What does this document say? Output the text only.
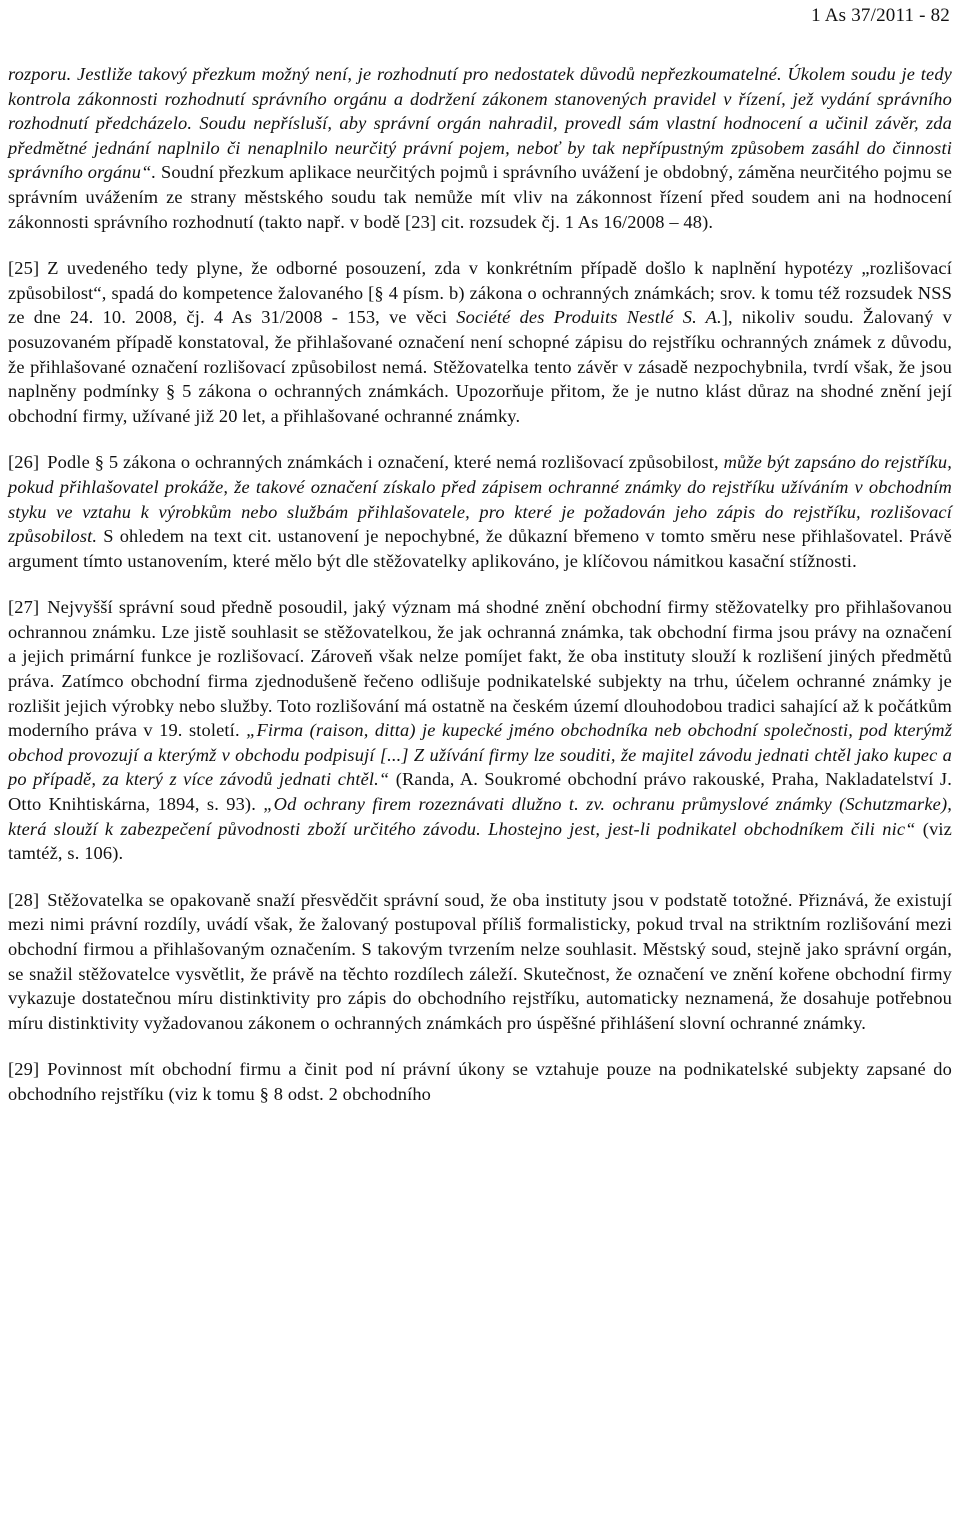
1 As 37/2011 - 82

rozporu. Jestliže takový přezkum možný není, je rozhodnutí pro nedostatek důvodů nepřezkoumatelné. Úkolem soudu je tedy kontrola zákonnosti rozhodnutí správního orgánu a dodržení zákonem stanovených pravidel v řízení, jež vydání správního rozhodnutí předcházelo. Soudu nepřísluší, aby správní orgán nahradil, provedl sám vlastní hodnocení a učinil závěr, zda předmětné jednání naplnilo či nenaplnilo neurčitý právní pojem, neboť by tak nepřípustným způsobem zasáhl do činnosti správního orgánu“. Soudní přezkum aplikace neurčitých pojmů i správního uvážení je obdobný, záměna neurčitého pojmu se správním uvážením ze strany městského soudu tak nemůže mít vliv na zákonnost řízení před soudem ani na hodnocení zákonnosti správního rozhodnutí (takto např. v bodě [23] cit. rozsudek čj. 1 As 16/2008 – 48).

[25] Z uvedeného tedy plyne, že odborné posouzení, zda v konkrétním případě došlo k naplnění hypotézy „rozlišovací způsobilost“, spadá do kompetence žalovaného [§ 4 písm. b) zákona o ochranných známkách; srov. k tomu též rozsudek NSS ze dne 24. 10. 2008, čj. 4 As 31/2008 - 153, ve věci Société des Produits Nestlé S. A.], nikoliv soudu. Žalovaný v posuzovaném případě konstatoval, že přihlašované označení není schopné zápisu do rejstříku ochranných známek z důvodu, že přihlašované označení rozlišovací způsobilost nemá. Stěžovatelka tento závěr v zásadě nezpochybnila, tvrdí však, že jsou naplněny podmínky § 5 zákona o ochranných známkách. Upozorňuje přitom, že je nutno klást důraz na shodné znění její obchodní firmy, užívané již 20 let, a přihlašované ochranné známky.

[26] Podle § 5 zákona o ochranných známkách i označení, které nemá rozlišovací způsobilost, může být zapsáno do rejstříku, pokud přihlašovatel prokáže, že takové označení získalo před zápisem ochranné známky do rejstříku užíváním v obchodním styku ve vztahu k výrobkům nebo službám přihlašovatele, pro které je požadován jeho zápis do rejstříku, rozlišovací způsobilost. S ohledem na text cit. ustanovení je nepochybné, že důkazní břemeno v tomto směru nese přihlašovatel. Právě argument tímto ustanovením, které mělo být dle stěžovatelky aplikováno, je klíčovou námitkou kasační stížnosti.

[27] Nejvyšší správní soud předně posoudil, jaký význam má shodné znění obchodní firmy stěžovatelky pro přihlašovanou ochrannou známku. Lze jistě souhlasit se stěžovatelkou, že jak ochranná známka, tak obchodní firma jsou právy na označení a jejich primární funkce je rozlišovací. Zároveň však nelze pomíjet fakt, že oba instituty slouží k rozlišení jiných předmětů práva. Zatímco obchodní firma zjednodušeně řečeno odlišuje podnikatelské subjekty na trhu, účelem ochranné známky je rozlišit jejich výrobky nebo služby. Toto rozlišování má ostatně na českém území dlouhodobou tradici sahající až k počátkům moderního práva v 19. století. „Firma (raison, ditta) je kupecké jméno obchodníka neb obchodní společnosti, pod kterýmž obchod provozují a kterýmž v obchodu podpisují [...] Z užívání firmy lze souditi, že majitel závodu jednati chtěl jako kupec a po případě, za který z více závodů jednati chtěl.“ (Randa, A. Soukromé obchodní právo rakouské, Praha, Nakladatelství J. Otto Knihtiskárna, 1894, s. 93). „Od ochrany firem rozeznávati dlužno t. zv. ochranu průmyslové známky (Schutzmarke), která slouží k zabezpečení původnosti zboží určitého závodu. Lhostejno jest, jest-li podnikatel obchodníkem čili nic“ (viz tamtéž, s. 106).

[28] Stěžovatelka se opakovaně snaží přesvědčit správní soud, že oba instituty jsou v podstatě totožné. Přiznává, že existují mezi nimi právní rozdíly, uvádí však, že žalovaný postupoval příliš formalisticky, pokud trval na striktním rozlišování mezi obchodní firmou a přihlašovaným označením. S takovým tvrzením nelze souhlasit. Městský soud, stejně jako správní orgán, se snažil stěžovatelce vysvětlit, že právě na těchto rozdílech záleží. Skutečnost, že označení ve znění kořene obchodní firmy vykazuje dostatečnou míru distinktivity pro zápis do obchodního rejstříku, automaticky neznamená, že dosahuje potřebnou míru distinktivity vyžadovanou zákonem o ochranných známkách pro úspěšné přihlášení slovní ochranné známky.

[29] Povinnost mít obchodní firmu a činit pod ní právní úkony se vztahuje pouze na podnikatelské subjekty zapsané do obchodního rejstříku (viz k tomu § 8 odst. 2 obchodního
